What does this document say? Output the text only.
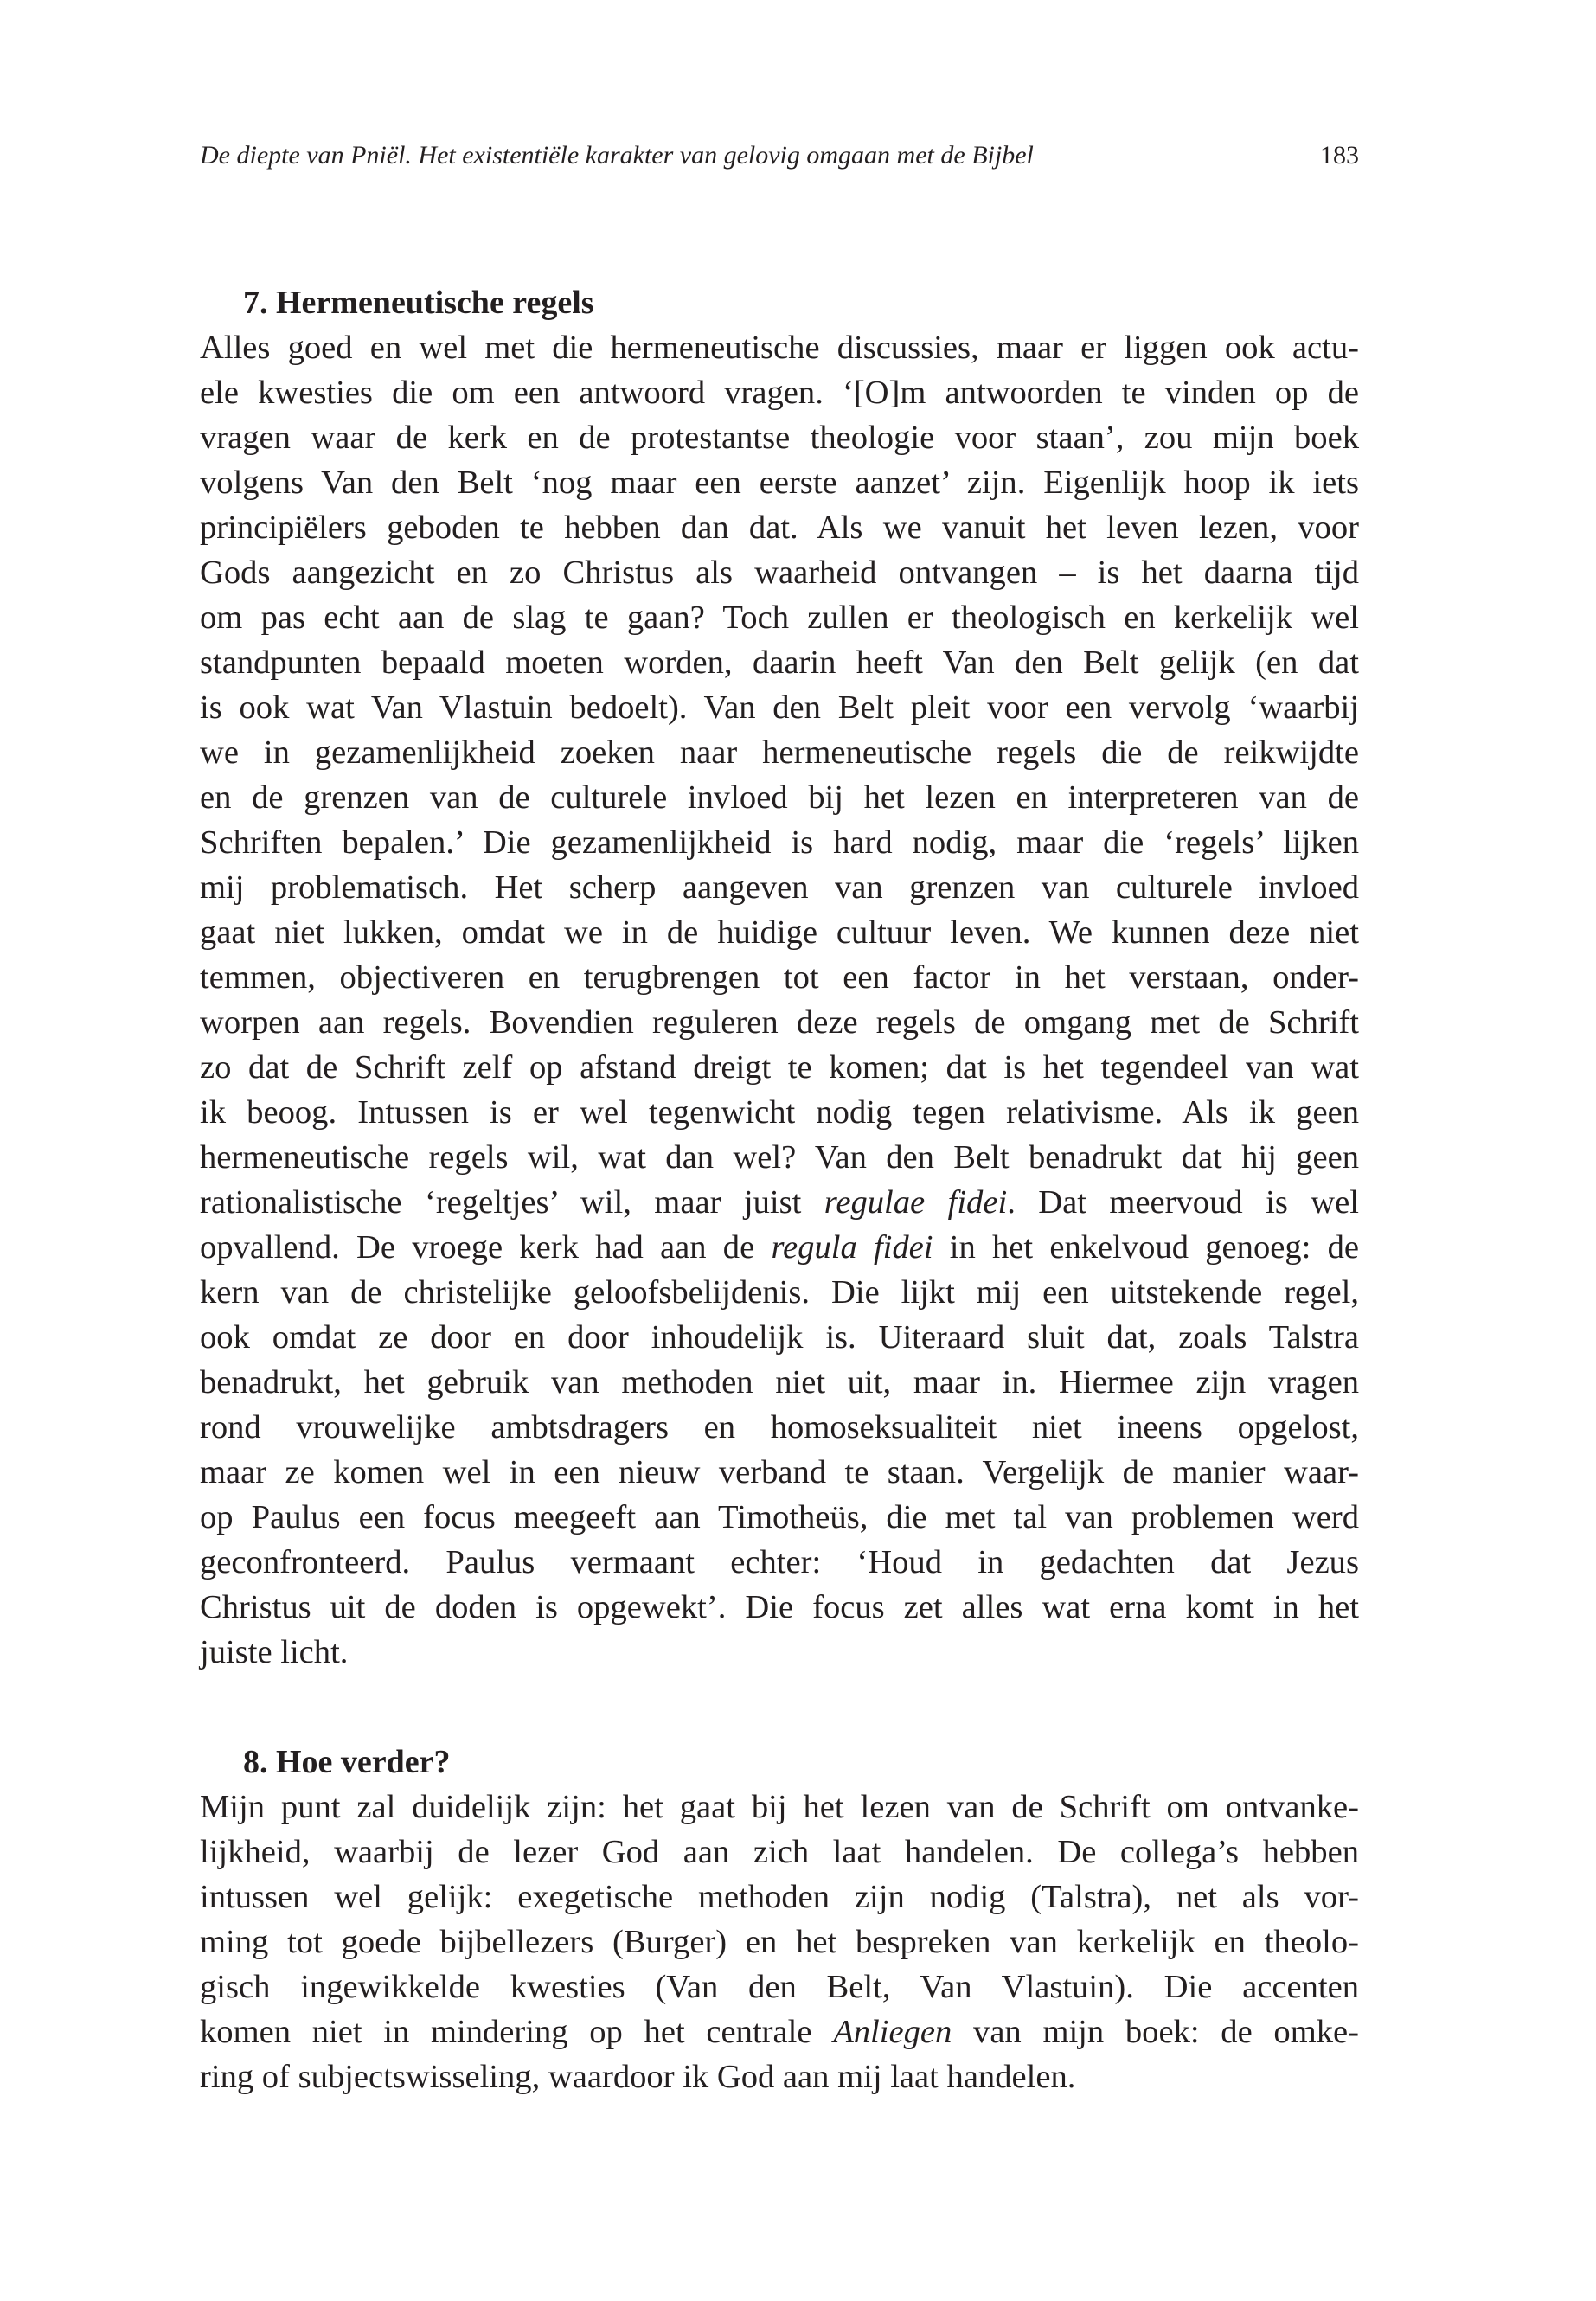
De diepte van Pniël. Het existentiële karakter van gelovig omgaan met de Bijbel	183
7. Hermeneutische regels

Alles goed en wel met die hermeneutische discussies, maar er liggen ook actu-
ele kwesties die om een antwoord vragen. ‘[O]m antwoorden te vinden op de
vragen waar de kerk en de protestantse theologie voor staan’, zou mijn boek
volgens Van den Belt ‘nog maar een eerste aanzet’ zijn. Eigenlijk hoop ik iets
principiëlers geboden te hebben dan dat. Als we vanuit het leven lezen, voor
Gods aangezicht en zo Christus als waarheid ontvangen – is het daarna tijd
om pas echt aan de slag te gaan? Toch zullen er theologisch en kerkelijk wel
standpunten bepaald moeten worden, daarin heeft Van den Belt gelijk (en dat
is ook wat Van Vlastuin bedoelt). Van den Belt pleit voor een vervolg ‘waarbij
we in gezamenlijkheid zoeken naar hermeneutische regels die de reikwijdte
en de grenzen van de culturele invloed bij het lezen en interpreteren van de
Schriften bepalen.’ Die gezamenlijkheid is hard nodig, maar die ‘regels’ lijken
mij problematisch. Het scherp aangeven van grenzen van culturele invloed
gaat niet lukken, omdat we in de huidige cultuur leven. We kunnen deze niet
temmen, objectiveren en terugbrengen tot een factor in het verstaan, onder-
worpen aan regels. Bovendien reguleren deze regels de omgang met de Schrift
zo dat de Schrift zelf op afstand dreigt te komen; dat is het tegendeel van wat
ik beoog. Intussen is er wel tegenwicht nodig tegen relativisme. Als ik geen
hermeneutische regels wil, wat dan wel? Van den Belt benadrukt dat hij geen
rationalistische ‘regeltjes’ wil, maar juist regulae fidei. Dat meervoud is wel
opvallend. De vroege kerk had aan de regula fidei in het enkelvoud genoeg: de
kern van de christelijke geloofsbelijdenis. Die lijkt mij een uitstekende regel,
ook omdat ze door en door inhoudelijk is. Uiteraard sluit dat, zoals Talstra
benadrukt, het gebruik van methoden niet uit, maar in. Hiermee zijn vragen
rond vrouwelijke ambtsdragers en homoseksualiteit niet ineens opgelost,
maar ze komen wel in een nieuw verband te staan. Vergelijk de manier waar-
op Paulus een focus meegeeft aan Timotheüs, die met tal van problemen werd
geconfronteerd. Paulus vermaant echter: ‘Houd in gedachten dat Jezus
Christus uit de doden is opgewekt’. Die focus zet alles wat erna komt in het
juiste licht.

8. Hoe verder?

Mijn punt zal duidelijk zijn: het gaat bij het lezen van de Schrift om ontvanke-
lijkheid, waarbij de lezer God aan zich laat handelen. De collega’s hebben
intussen wel gelijk: exegetische methoden zijn nodig (Talstra), net als vor-
ming tot goede bijbellezers (Burger) en het bespreken van kerkelijk en theolo-
gisch ingewikkelde kwesties (Van den Belt, Van Vlastuin). Die accenten
komen niet in mindering op het centrale Anliegen van mijn boek: de omke-
ring of subjectswisseling, waardoor ik God aan mij laat handelen.
